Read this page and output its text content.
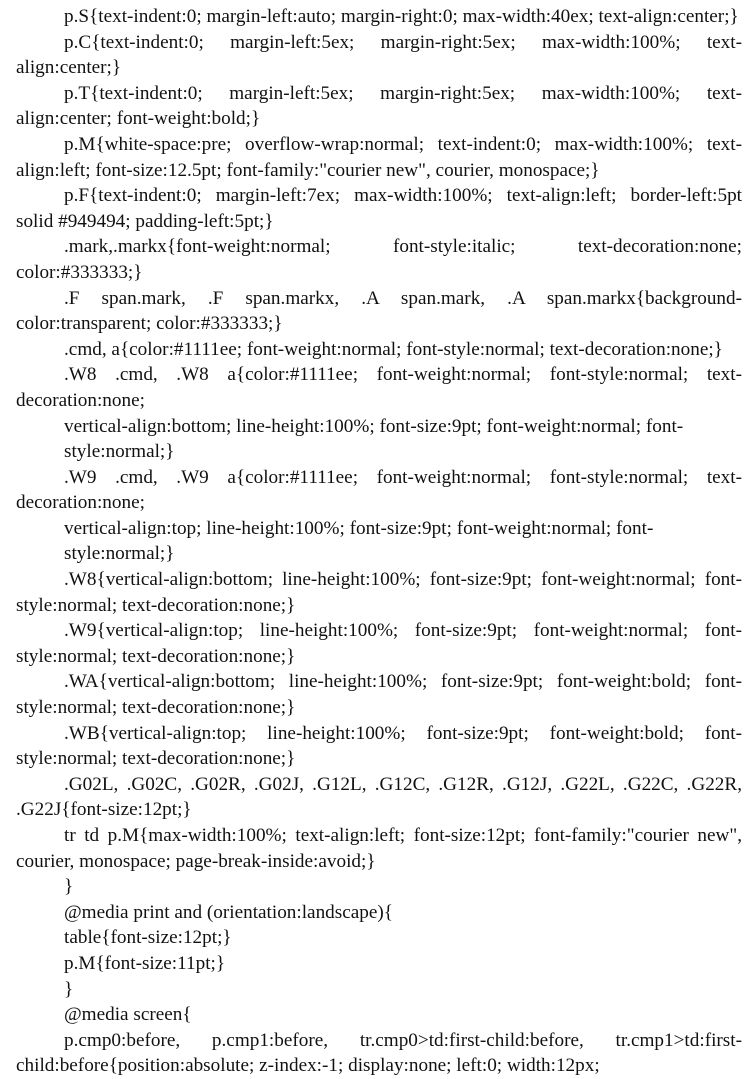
p.S{text-indent:0; margin-left:auto; margin-right:0; max-width:40ex; text-align:center;}

p.C{text-indent:0; margin-left:5ex; margin-right:5ex; max-width:100%; text-align:center;}

p.T{text-indent:0; margin-left:5ex; margin-right:5ex; max-width:100%; text-align:center; font-weight:bold;}

p.M{white-space:pre; overflow-wrap:normal; text-indent:0; max-width:100%; text-align:left; font-size:12.5pt; font-family:"courier new", courier, monospace;}

p.F{text-indent:0; margin-left:7ex; max-width:100%; text-align:left; border-left:5pt solid #949494; padding-left:5pt;}

.mark,.markx{font-weight:normal; font-style:italic; text-decoration:none; color:#333333;}

.F span.mark, .F span.markx, .A span.mark, .A span.markx{background-color:transparent; color:#333333;}

.cmd, a{color:#1111ee; font-weight:normal; font-style:normal; text-decoration:none;}

.W8 .cmd, .W8 a{color:#1111ee; font-weight:normal; font-style:normal; text-decoration:none;

vertical-align:bottom; line-height:100%; font-size:9pt; font-weight:normal; font-style:normal;}

.W9 .cmd, .W9 a{color:#1111ee; font-weight:normal; font-style:normal; text-decoration:none;

vertical-align:top; line-height:100%; font-size:9pt; font-weight:normal; font-style:normal;}

.W8{vertical-align:bottom; line-height:100%; font-size:9pt; font-weight:normal; font-style:normal; text-decoration:none;}

.W9{vertical-align:top; line-height:100%; font-size:9pt; font-weight:normal; font-style:normal; text-decoration:none;}

.WA{vertical-align:bottom; line-height:100%; font-size:9pt; font-weight:bold; font-style:normal; text-decoration:none;}

.WB{vertical-align:top; line-height:100%; font-size:9pt; font-weight:bold; font-style:normal; text-decoration:none;}

.G02L, .G02C, .G02R, .G02J, .G12L, .G12C, .G12R, .G12J, .G22L, .G22C, .G22R, .G22J{font-size:12pt;}

tr td p.M{max-width:100%; text-align:left; font-size:12pt; font-family:"courier new", courier, monospace; page-break-inside:avoid;}

}

@media print and (orientation:landscape){

table{font-size:12pt;}

p.M{font-size:11pt;}

}

@media screen{

p.cmp0:before, p.cmp1:before, tr.cmp0>td:first-child:before, tr.cmp1>td:first-child:before{position:absolute; z-index:-1; display:none; left:0; width:12px;
